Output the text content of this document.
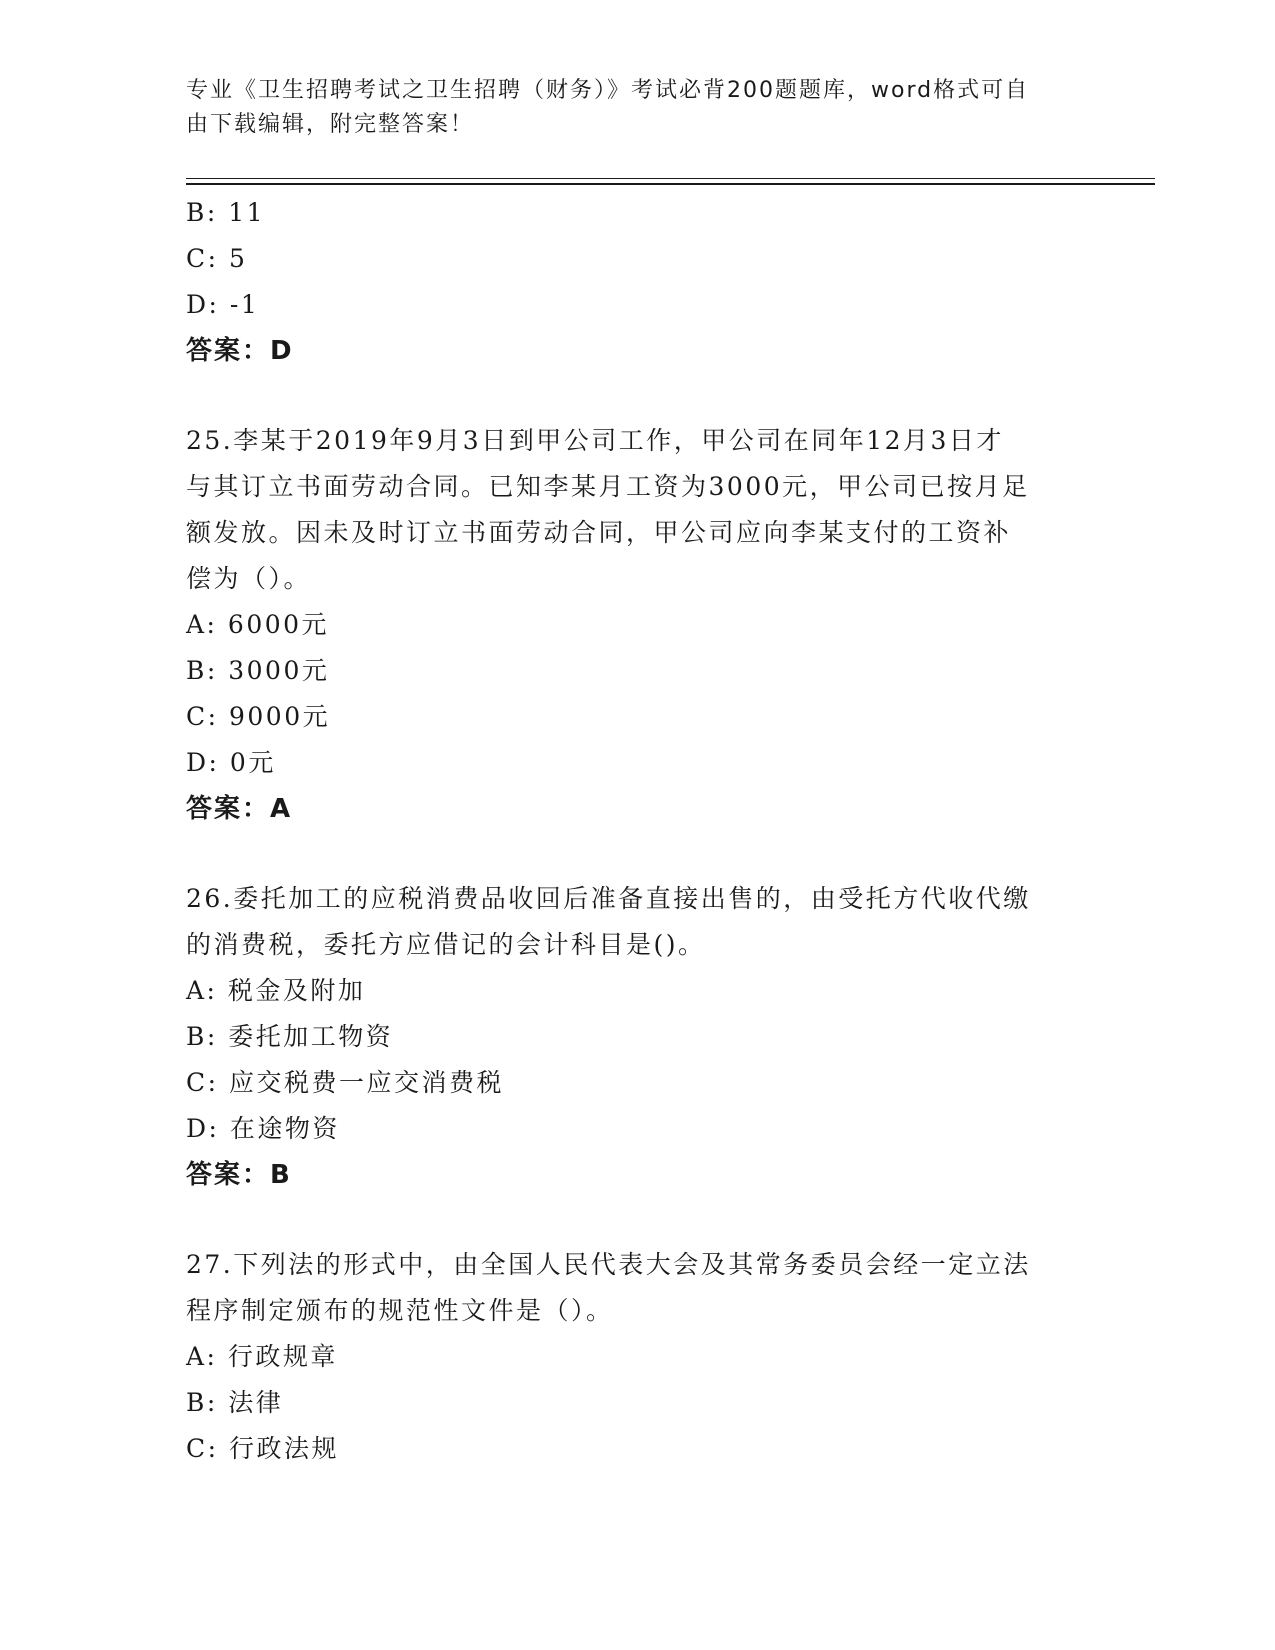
专业《卫生招聘考试之卫生招聘（财务）》考试必背200题题库，word格式可自
由下载编辑，附完整答案！
B: 11
C: 5
D: -1
答案：D
25.李某于2019年9月3日到甲公司工作，甲公司在同年12月3日才
与其订立书面劳动合同。已知李某月工资为3000元，甲公司已按月足
额发放。因未及时订立书面劳动合同，甲公司应向李某支付的工资补
偿为（）。
A: 6000元
B: 3000元
C: 9000元
D: 0元
答案：A
26.委托加工的应税消费品收回后准备直接出售的，由受托方代收代缴
的消费税，委托方应借记的会计科目是()。
A: 税金及附加
B: 委托加工物资
C: 应交税费一应交消费税
D: 在途物资
答案：B
27.下列法的形式中，由全国人民代表大会及其常务委员会经一定立法
程序制定颁布的规范性文件是（）。
A: 行政规章
B: 法律
C: 行政法规
